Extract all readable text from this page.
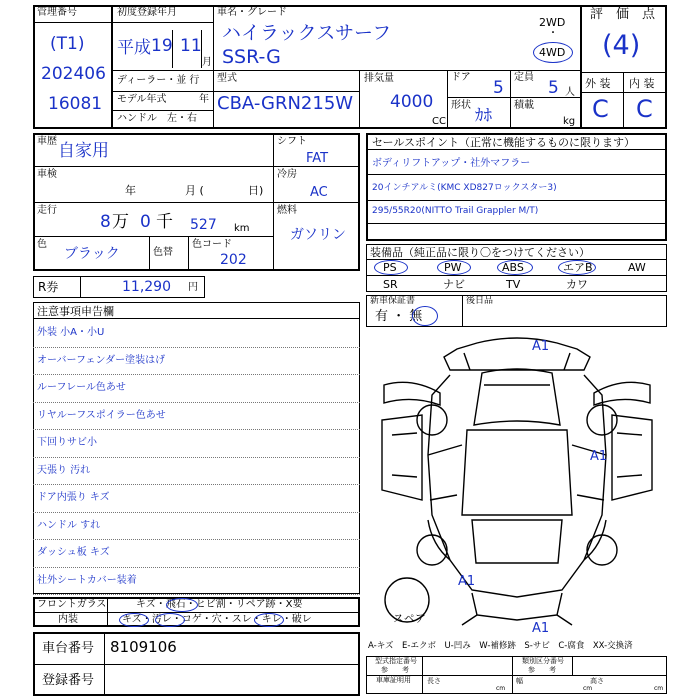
管理番号
(T1)
202406
16081
初度登録年月
平成 19 11
月
ディーラー・並 行
モデル年式	年
ハンドル　左・右
車名・グレード
ハイラックスサーフ
SSR-G
2WD
・
4WD
型式
CBA-GRN215W
排気量
4000
CC
ドア
5
定員
5 人
形状
ｶﾎ
積載
kg
評　価　点
(4)
外 装 内 装
C C
車歴 自家用
車検
年	月 (	日)
走行
8 万 0 千 527 km
色
ブラック	色替
色コード
202
シフト
FAT
冷房
AC
燃料
ガソリン
R券	11,290 円
セールスポイント（正常に機能するものに限ります）
ボディリフトアップ・社外マフラー
20インチアルミ(KMC XD827ロックスター3)
295/55R20(NITTO Trail Grappler M/T)
装備品（純正品に限り〇をつけてください）
PS	PW	ABS	エアB	AW
SR	ナビ	TV	カワ
新車保証書
有 ・ 無
後日品
注意事項申告欄
外装 小A・小U
オーバーフェンダー塗装はげ
ルーフレール色あせ
リヤルーフスポイラー色あせ
下回りサビ小
天張り 汚れ
ドア内張り キズ
ハンドル すれ
ダッシュ板 キズ
社外シートカバー装着
フロントガラス	キズ・飛石・ヒビ割・リペア跡・X要
内装	キズ・汚レ・コゲ・穴・スレ・キレ・破レ
車台番号 8109106
登録番号
A1
A1
A1
A1
スペア
A-キズ　E-エクボ　U-凹み　W-補修跡　S-サビ　C-腐食　XX-交換済
型式指定番号
参　　考
類別区分番号
参　　考
車庫証明用 長さ	幅	高さ
cm	cm	cm
